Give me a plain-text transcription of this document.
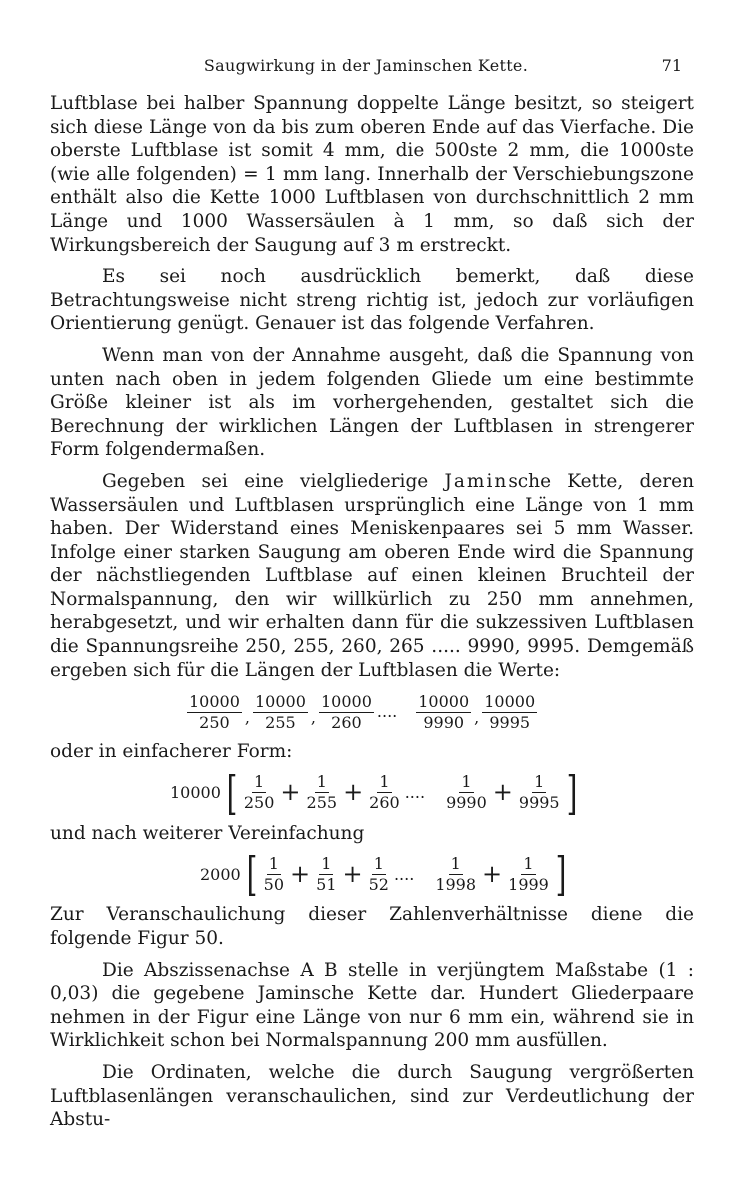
Saugwirkung in der Jaminschen Kette.	71

Luftblase bei halber Spannung doppelte Länge besitzt, so steigert sich diese Länge von da bis zum oberen Ende auf das Vierfache. Die oberste Luftblase ist somit 4 mm, die 500ste 2 mm, die 1000ste (wie alle folgenden) = 1 mm lang. Innerhalb der Verschiebungszone enthält also die Kette 1000 Luftblasen von durchschnittlich 2 mm Länge und 1000 Wassersäulen à 1 mm, so daß sich der Wirkungsbereich der Saugung auf 3 m erstreckt.

Es sei noch ausdrücklich bemerkt, daß diese Betrachtungsweise nicht streng richtig ist, jedoch zur vorläufigen Orientierung genügt. Genauer ist das folgende Verfahren.

Wenn man von der Annahme ausgeht, daß die Spannung von unten nach oben in jedem folgenden Gliede um eine bestimmte Größe kleiner ist als im vorhergehenden, gestaltet sich die Berechnung der wirklichen Längen der Luftblasen in strengerer Form folgendermaßen.

Gegeben sei eine vielgliederige Jaminsche Kette, deren Wassersäulen und Luftblasen ursprünglich eine Länge von 1 mm haben. Der Widerstand eines Meniskenpaares sei 5 mm Wasser. Infolge einer starken Saugung am oberen Ende wird die Spannung der nächstliegenden Luftblase auf einen kleinen Bruchteil der Normalspannung, den wir willkürlich zu 250 mm annehmen, herabgesetzt, und wir erhalten dann für die sukzessiven Luftblasen die Spannungsreihe 250, 255, 260, 265 ..... 9990, 9995. Demgemäß ergeben sich für die Längen der Luftblasen die Werte:

$\frac{10000}{250}$ , $\frac{10000}{255}$ , $\frac{10000}{260}$ ....	$\frac{10000}{9990}$ , $\frac{10000}{9995}$

oder in einfacherer Form:

10000 [ $\frac{1}{250} + \frac{1}{255} + \frac{1}{260}$ ....	$\frac{1}{9990} + \frac{1}{9995}$ ]

und nach weiterer Vereinfachung

2000 [ $\frac{1}{50} + \frac{1}{51} + \frac{1}{52}$ ....	$\frac{1}{1998} + \frac{1}{1999}$ ]

Zur Veranschaulichung dieser Zahlenverhältnisse diene die folgende Figur 50.

Die Abszissenachse A B stelle in verjüngtem Maßstabe (1 : 0,03) die gegebene Jaminsche Kette dar. Hundert Gliederpaare nehmen in der Figur eine Länge von nur 6 mm ein, während sie in Wirklichkeit schon bei Normalspannung 200 mm ausfüllen.

Die Ordinaten, welche die durch Saugung vergrößerten Luftblasenlängen veranschaulichen, sind zur Verdeutlichung der Abstu-
